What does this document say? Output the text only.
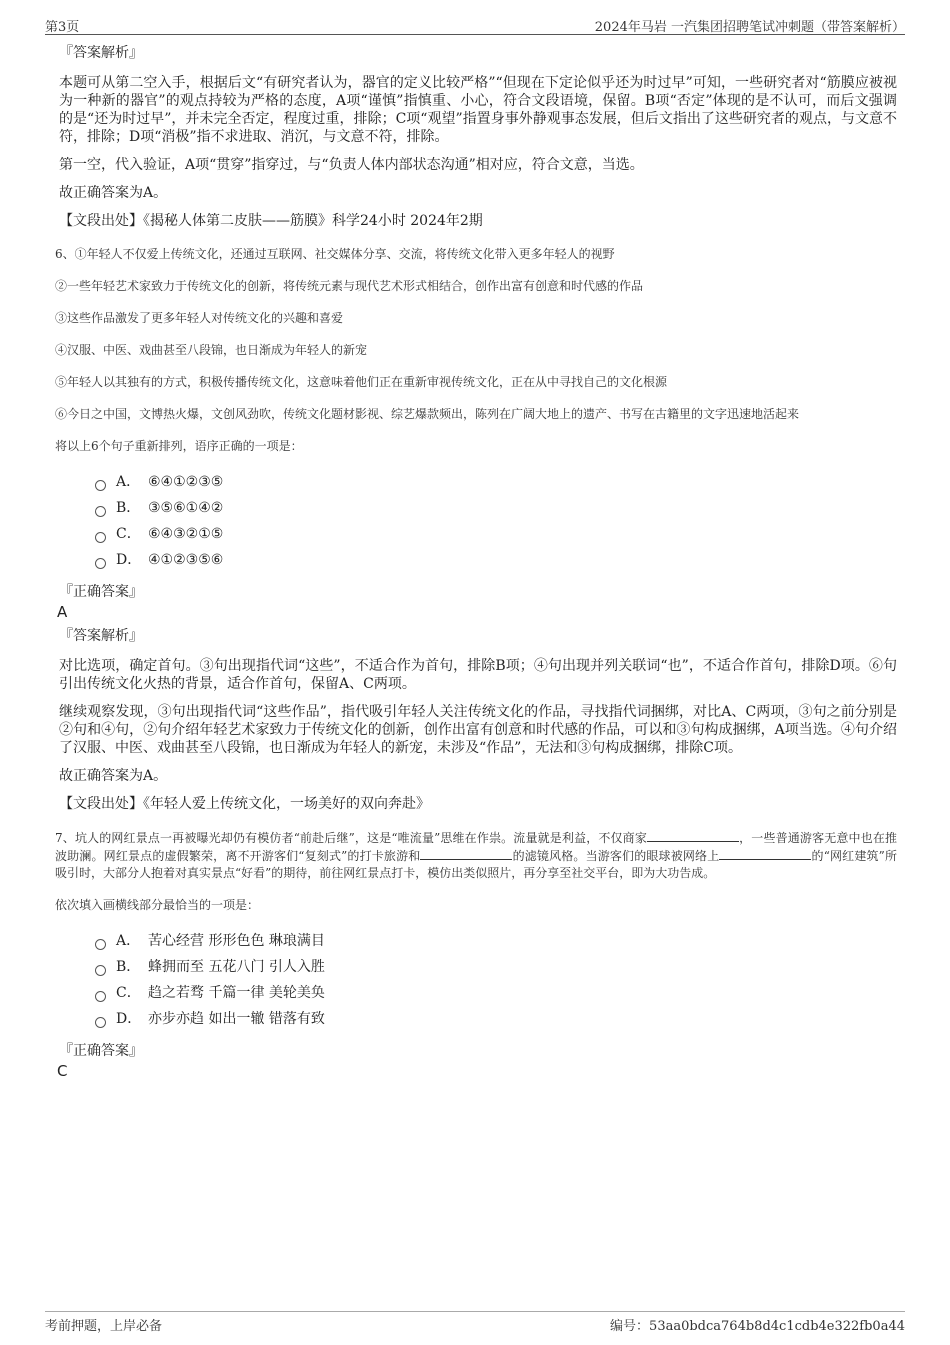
第3页	2024年马岩 一汽集团招聘笔试冲刺题（带答案解析）
『答案解析』
本题可从第二空入手，根据后文“有研究者认为，器官的定义比较严格”“但现在下定论似乎还为时过早”可知，一些研究者对“筋膜应被视为一种新的器官”的观点持较为严格的态度，A项“谨慎”指慎重、小心，符合文段语境，保留。B项“否定”体现的是不认可，而后文强调的是“还为时过早”，并未完全否定，程度过重，排除；C项“观望”指置身事外静观事态发展，但后文指出了这些研究者的观点，与文意不符，排除；D项“消极”指不求进取、消沉，与文意不符，排除。
第一空，代入验证，A项“贯穿”指穿过，与“负责人体内部状态沟通”相对应，符合文意，当选。
故正确答案为A。
【文段出处】《揭秘人体第二皮肤——筋膜》科学24小时 2024年2期
6、①年轻人不仅爱上传统文化，还通过互联网、社交媒体分享、交流，将传统文化带入更多年轻人的视野
②一些年轻艺术家致力于传统文化的创新，将传统元素与现代艺术形式相结合，创作出富有创意和时代感的作品
③这些作品激发了更多年轻人对传统文化的兴趣和喜爱
④汉服、中医、戏曲甚至八段锦，也日渐成为年轻人的新宠
⑤年轻人以其独有的方式，积极传播传统文化，这意味着他们正在重新审视传统文化，正在从中寻找自己的文化根源
⑥今日之中国，文博热火爆，文创风劲吹，传统文化题材影视、综艺爆款频出，陈列在广阔大地上的遗产、书写在古籍里的文字迅速地活起来
将以上6个句子重新排列，语序正确的一项是：
A． ⑥④①②③⑤
B． ③⑤⑥①④②
C． ⑥④③②①⑤
D． ④①②③⑤⑥
『正确答案』
A
『答案解析』
对比选项，确定首句。③句出现指代词“这些”，不适合作为首句，排除B项；④句出现并列关联词“也”，不适合作首句，排除D项。⑥句引出传统文化火热的背景，适合作首句，保留A、C两项。
继续观察发现，③句出现指代词“这些作品”，指代吸引年轻人关注传统文化的作品，寻找指代词捆绑，对比A、C两项，③句之前分别是②句和④句，②句介绍年轻艺术家致力于传统文化的创新，创作出富有创意和时代感的作品，可以和③句构成捆绑，A项当选。④句介绍了汉服、中医、戏曲甚至八段锦，也日渐成为年轻人的新宠，未涉及“作品”，无法和③句构成捆绑，排除C项。
故正确答案为A。
【文段出处】《年轻人爱上传统文化，一场美好的双向奔赴》
7、坑人的网红景点一再被曝光却仍有模仿者“前赴后继”，这是“唯流量”思维在作祟。流量就是利益，不仅商家	，一些普通游客无意中也在推波助澜。网红景点的虚假繁荣，离不开游客们“复刻式”的打卡旅游和	的滤镜风格。当游客们的眼球被网络上	的“网红建筑”所吸引时，大部分人抱着对真实景点“好看”的期待，前往网红景点打卡，模仿出类似照片，再分享至社交平台，即为大功告成。
依次填入画横线部分最恰当的一项是：
A． 苦心经营 形形色色 琳琅满目
B． 蜂拥而至 五花八门 引人入胜
C． 趋之若骛 千篇一律 美轮美奂
D． 亦步亦趋 如出一辙 错落有致
『正确答案』
C
考前押题，上岸必备	编号：53aa0bdca764b8d4c1cdb4e322fb0a44
